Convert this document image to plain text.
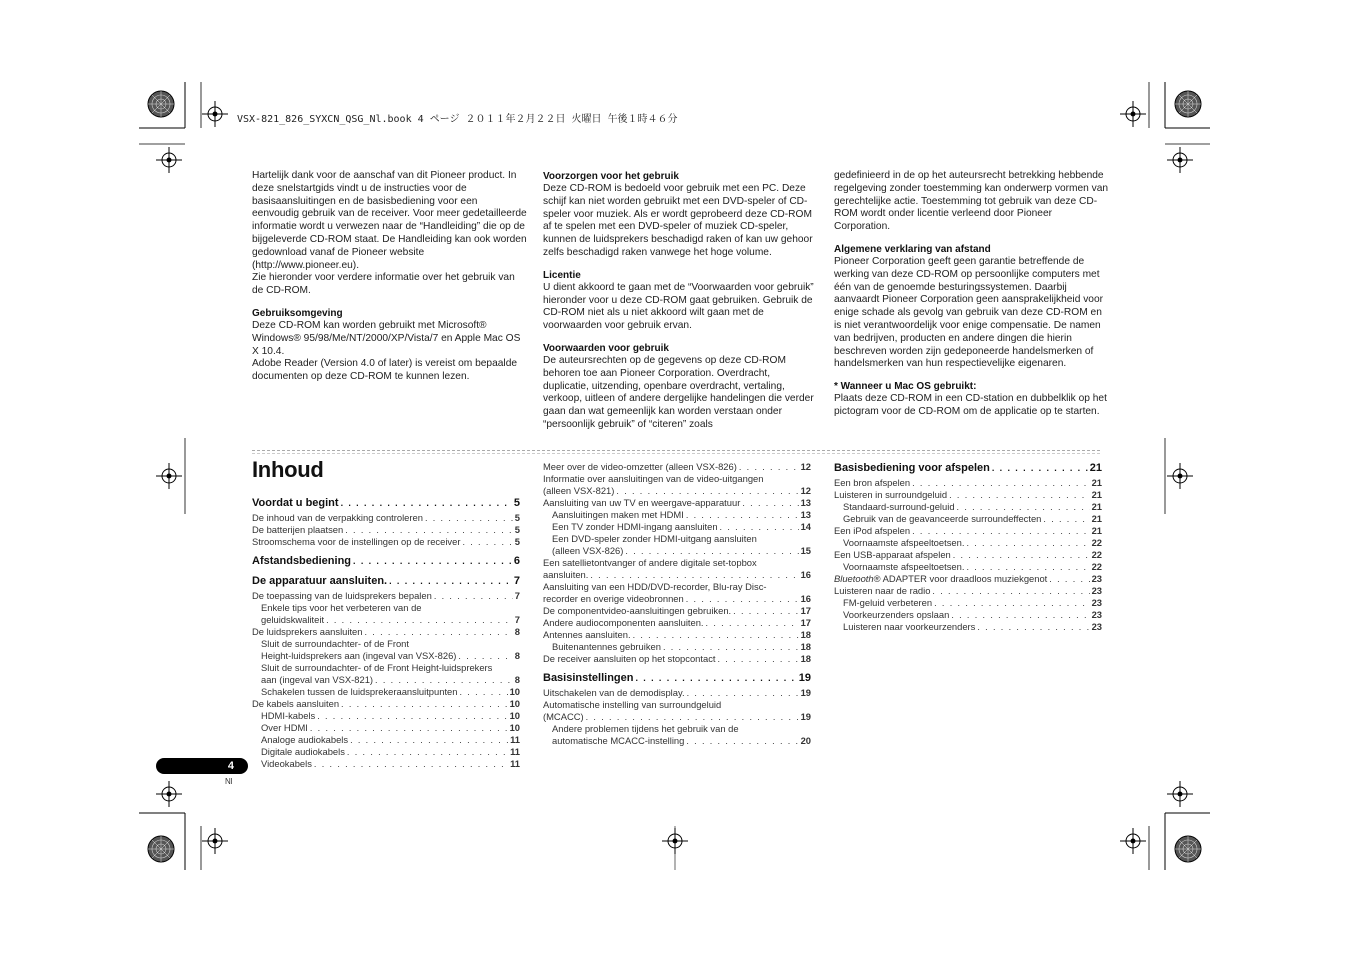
VSX-821_826_SYXCN_QSG_Nl.book 4 ページ ２０１１年２月２２日 火曜日 午後１時４６分

Hartelijk dank voor de aanschaf van dit Pioneer product. In deze snelstartgids vindt u de instructies voor de basisaansluitingen en de basisbediening voor een eenvoudig gebruik van de receiver. Voor meer gedetailleerde informatie wordt u verwezen naar de “Handleiding” die op de bijgeleverde CD-ROM staat. De Handleiding kan ook worden gedownload vanaf de Pioneer website (http://www.pioneer.eu).

Zie hieronder voor verdere informatie over het gebruik van de CD-ROM.

Gebruiksomgeving

Deze CD-ROM kan worden gebruikt met Microsoft® Windows® 95/98/Me/NT/2000/XP/Vista/7 en Apple Mac OS X 10.4.

Adobe Reader (Version 4.0 of later) is vereist om bepaalde documenten op deze CD-ROM te kunnen lezen.

Voorzorgen voor het gebruik

Deze CD-ROM is bedoeld voor gebruik met een PC. Deze schijf kan niet worden gebruikt met een DVD-speler of CD-speler voor muziek. Als er wordt geprobeerd deze CD-ROM af te spelen met een DVD-speler of muziek CD-speler, kunnen de luidsprekers beschadigd raken of kan uw gehoor zelfs beschadigd raken vanwege het hoge volume.

Licentie

U dient akkoord te gaan met de “Voorwaarden voor gebruik” hieronder voor u deze CD-ROM gaat gebruiken. Gebruik de CD-ROM niet als u niet akkoord wilt gaan met de voorwaarden voor gebruik ervan.

Voorwaarden voor gebruik

De auteursrechten op de gegevens op deze CD-ROM behoren toe aan Pioneer Corporation. Overdracht, duplicatie, uitzending, openbare overdracht, vertaling, verkoop, uitleen of andere dergelijke handelingen die verder gaan dan wat gemeenlijk kan worden verstaan onder “persoonlijk gebruik” of “citeren” zoals

gedefinieerd in de op het auteursrecht betrekking hebbende regelgeving zonder toestemming kan onderwerp vormen van gerechtelijke actie. Toestemming tot gebruik van deze CD-ROM wordt onder licentie verleend door Pioneer Corporation.

Algemene verklaring van afstand

Pioneer Corporation geeft geen garantie betreffende de werking van deze CD-ROM op persoonlijke computers met één van de genoemde besturingssystemen. Daarbij aanvaardt Pioneer Corporation geen aansprakelijkheid voor enige schade als gevolg van gebruik van deze CD-ROM en is niet verantwoordelijk voor enige compensatie. De namen van bedrijven, producten en andere dingen die hierin beschreven worden zijn gedeponeerde handelsmerken of handelsmerken van hun respectievelijke eigenaren.

* Wanneer u Mac OS gebruikt:

Plaats deze CD-ROM in een CD-station en dubbelklik op het pictogram voor de CD-ROM om de applicatie op te starten.

Inhoud
Voordat u begint . . .	5
De inhoud van de verpakking controleren . . .	5
De batterijen plaatsen . . .	5
Stroomschema voor de instellingen op de receiver . . .	5
Afstandsbediening . . .	6
De apparatuur aansluiten. . . .	7
De toepassing van de luidsprekers bepalen . . .	7
Enkele tips voor het verbeteren van de
geluidskwaliteit . . .	7
De luidsprekers aansluiten . . .	8
Sluit de surroundachter- of de Front
Height-luidsprekers aan (ingeval van VSX-826) . . .	8
Sluit de surroundachter- of de Front Height-luidsprekers
aan (ingeval van VSX-821) . . .	8
Schakelen tussen de luidsprekeraansluitpunten . . .	10
De kabels aansluiten . . .	10
HDMI-kabels . . .	10
Over HDMI . . .	10
Analoge audiokabels . . .	11
Digitale audiokabels . . .	11
Videokabels . . .	11
Meer over de video-omzetter (alleen VSX-826) . . .	12
Informatie over aansluitingen van de video-uitgangen
(alleen VSX-821) . . .	12
Aansluiting van uw TV en weergave-apparatuur . . .	13
Aansluitingen maken met HDMI . . .	13
Een TV zonder HDMI-ingang aansluiten . . .	14
Een DVD-speler zonder HDMI-uitgang aansluiten
(alleen VSX-826) . . .	15
Een satellietontvanger of andere digitale set-topbox
aansluiten. . . .	16
Aansluiting van een HDD/DVD-recorder, Blu-ray Disc-
recorder en overige videobronnen . . .	16
De componentvideo-aansluitingen gebruiken. . . .	17
Andere audiocomponenten aansluiten. . . .	17
Antennes aansluiten. . . .	18
Buitenantennes gebruiken . . .	18
De receiver aansluiten op het stopcontact . . .	18
Basisinstellingen . . .	19
Uitschakelen van de demodisplay. . . .	19
Automatische instelling van surroundgeluid
(MCACC) . . .	19
Andere problemen tijdens het gebruik van de
automatische MCACC-instelling . . .	20
Basisbediening voor afspelen . . .	21
Een bron afspelen . . .	21
Luisteren in surroundgeluid . . .	21
Standaard-surround-geluid . . .	21
Gebruik van de geavanceerde surroundeffecten . . .	21
Een iPod afspelen . . .	21
Voornaamste afspeeltoetsen. . . .	22
Een USB-apparaat afspelen . . .	22
Voornaamste afspeeltoetsen. . . .	22
Bluetooth® ADAPTER voor draadloos muziekgenot . . .	23
Luisteren naar de radio . . .	23
FM-geluid verbeteren . . .	23
Voorkeurzenders opslaan . . .	23
Luisteren naar voorkeurzenders . . .	23
4
Nl
